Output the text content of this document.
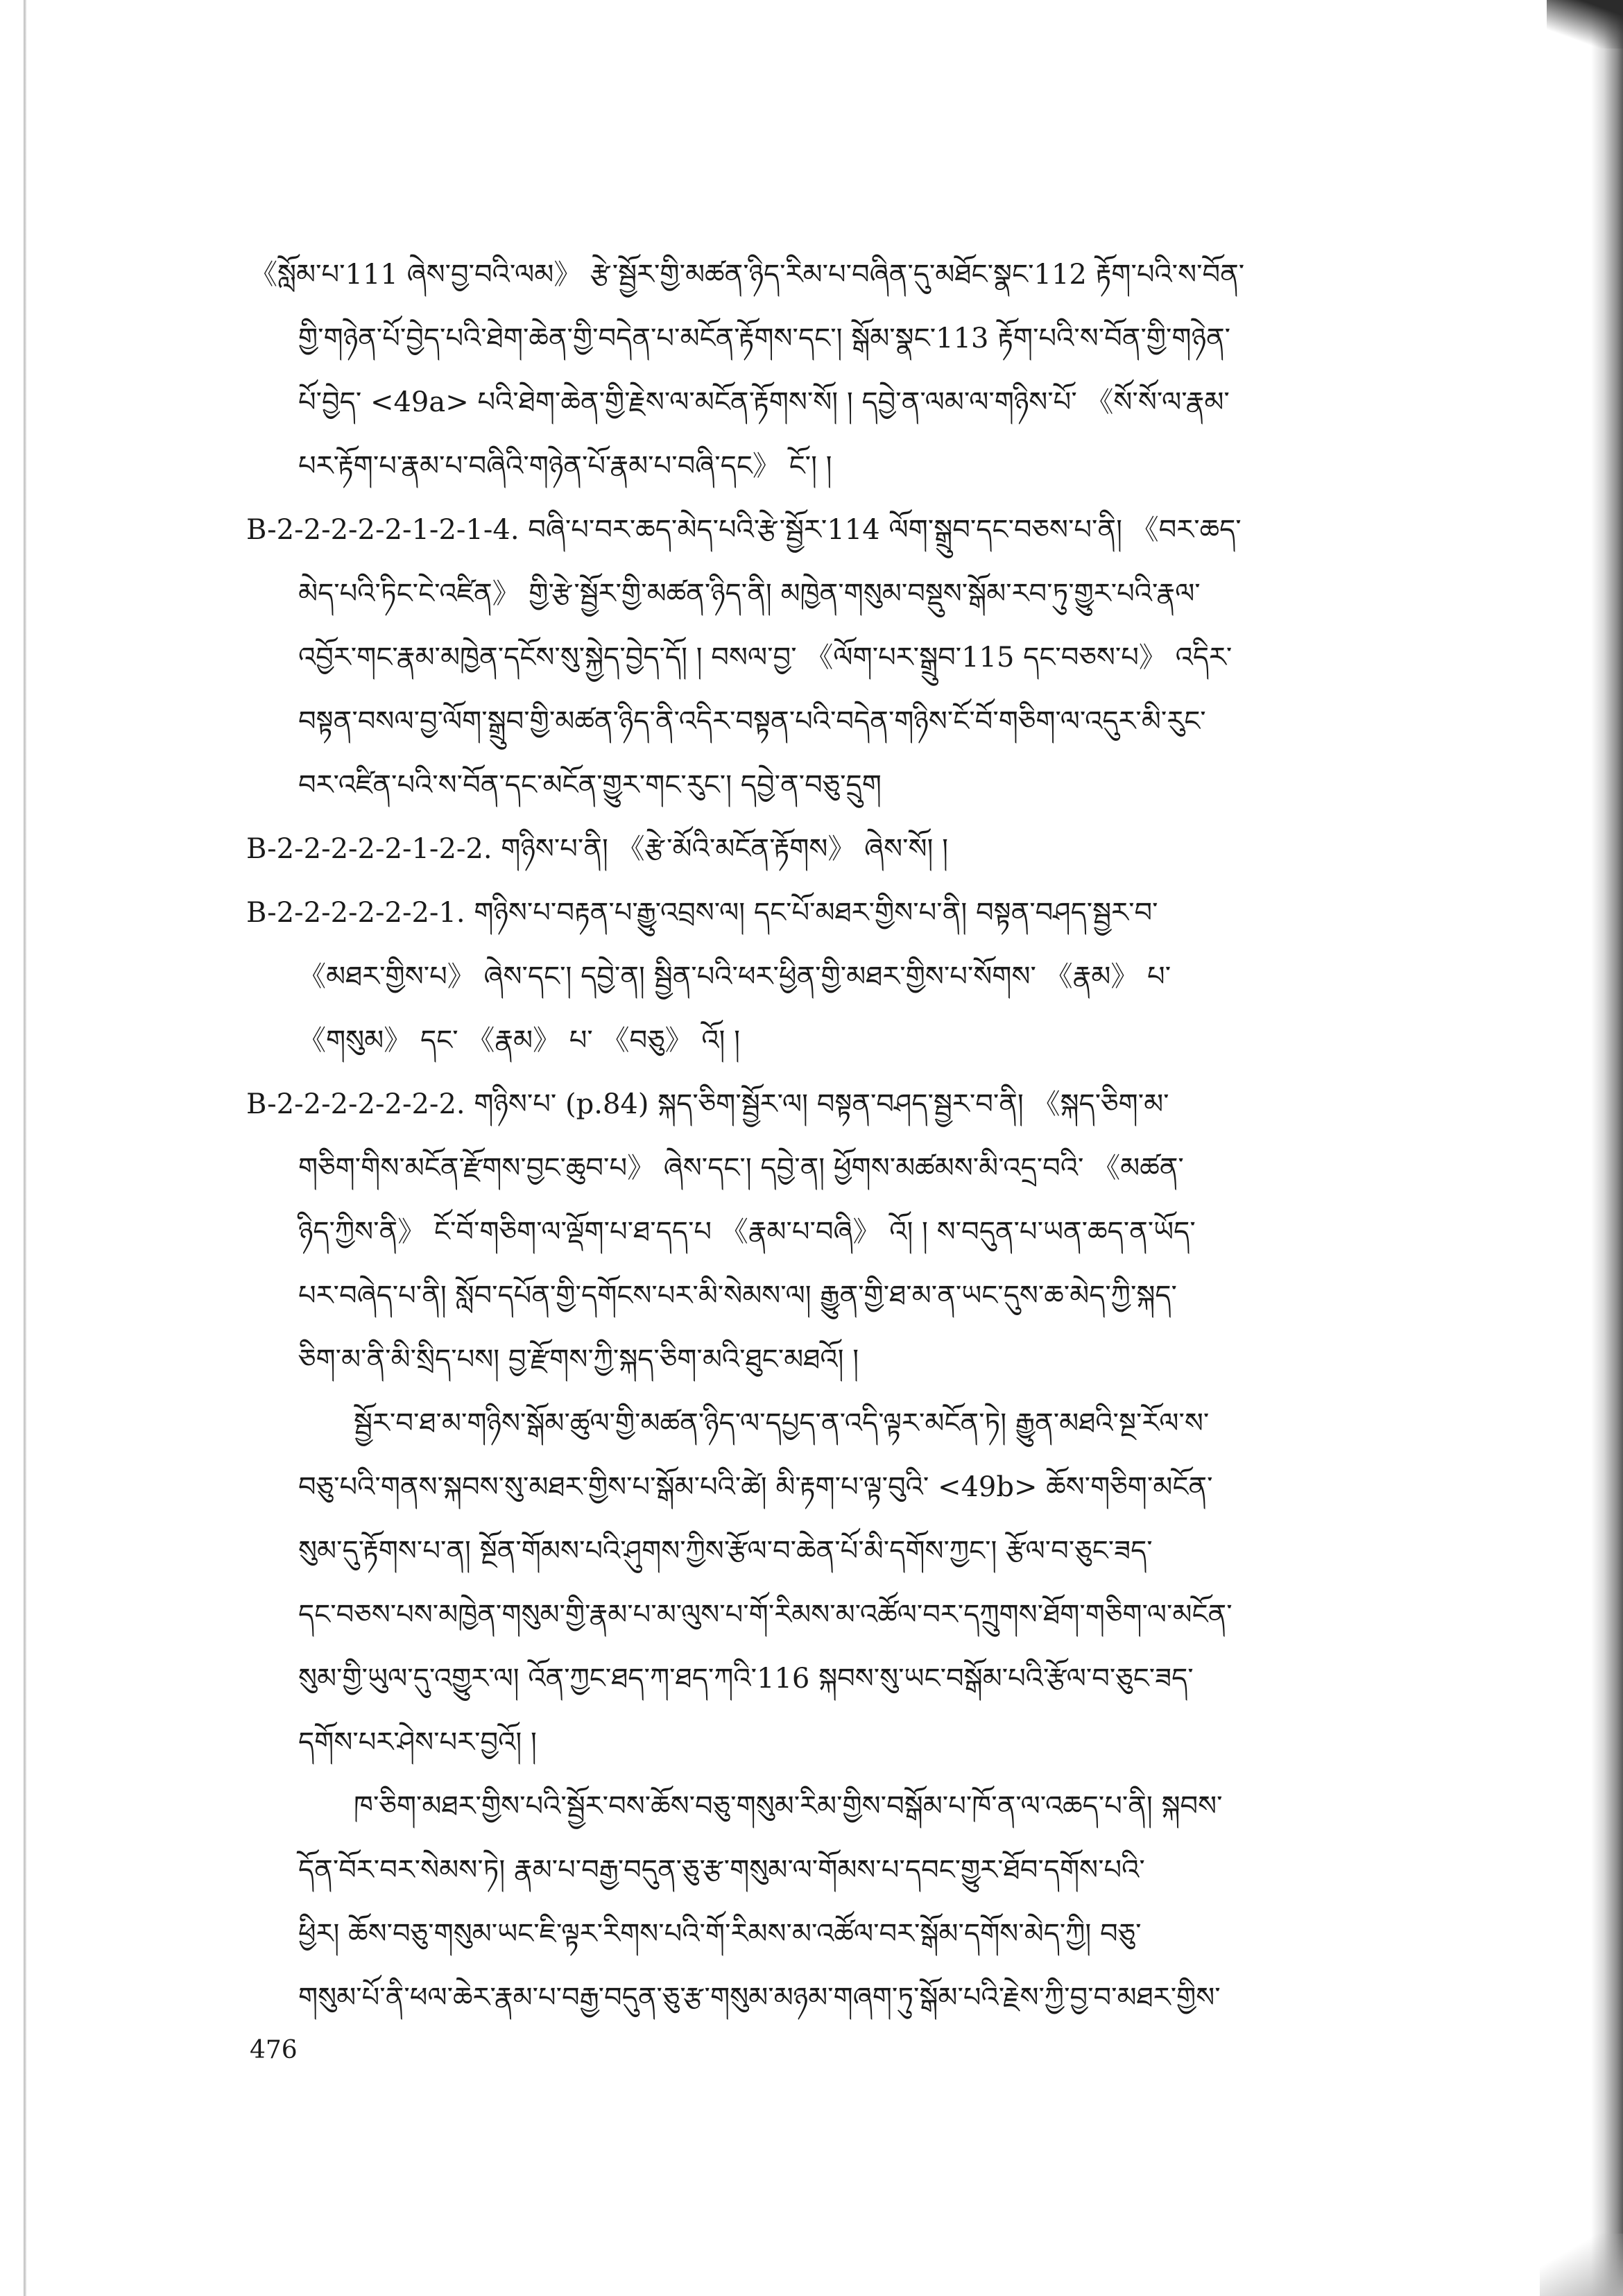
《སློམ་པ་111 ཞེས་བྱ་བའི་ལམ》 རྩེ་སྦྱོར་གྱི་མཚན་ཉིད་རིམ་པ་བཞིན་དུ་མཐོང་སྣང་112 རྟོག་པའི་ས་བོན་
གྱི་གཉེན་པོ་བྱེད་པའི་ཐེག་ཆེན་གྱི་བདེན་པ་མངོན་རྟོགས་དང་། སྒོམ་སྣང་113 རྟོག་པའི་ས་བོན་གྱི་གཉེན་
པོ་བྱེད་ <49a> པའི་ཐེག་ཆེན་གྱི་རྗེས་ལ་མངོན་རྟོགས་སོ། ། དབྱེ་ན་ལམ་ལ་གཉིས་པོ་ 《སོ་སོ་ལ་རྣམ་
པར་རྟོག་པ་རྣམ་པ་བཞིའི་གཉེན་པོ་རྣམ་པ་བཞི་དང》 ངོ་། །
B-2-2-2-2-2-1-2-1-4. བཞི་པ་བར་ཆད་མེད་པའི་རྩེ་སྦྱོར་114 ལོག་སྒྲུབ་དང་བཅས་པ་ནི། 《བར་ཆད་
མེད་པའི་ཏིང་ངེ་འཛིན》 གྱི་རྩེ་སྦྱོར་གྱི་མཚན་ཉིད་ནི། མཁྱེན་གསུམ་བསྡུས་སྒོམ་རབ་ཏུ་གྱུར་པའི་རྣལ་
འབྱོར་གང་རྣམ་མཁྱེན་དངོས་སུ་སྐྱེད་བྱེད་དོ། ། བསལ་བྱ་ 《ལོག་པར་སྒྲུབ་115 དང་བཅས་པ》 འདིར་
བསྟན་བསལ་བྱ་ལོག་སྒྲུབ་གྱི་མཚན་ཉིད་ནི་འདིར་བསྟན་པའི་བདེན་གཉིས་ངོ་བོ་གཅིག་ལ་འདུར་མི་རུང་
བར་འཛིན་པའི་ས་བོན་དང་མངོན་གྱུར་གང་རུང་། དབྱེ་ན་བཅུ་དྲུག
B-2-2-2-2-2-1-2-2. གཉིས་པ་ནི། 《རྩེ་མོའི་མངོན་རྟོགས》 ཞེས་སོ། །
B-2-2-2-2-2-2-1. གཉིས་པ་བརྟན་པ་རྒྱུ་འབྲས་ལ། དང་པོ་མཐར་གྱིས་པ་ནི། བསྟན་བཤད་སྦྱར་བ་
《མཐར་གྱིས་པ》 ཞེས་དང་། དབྱེ་ན། སྦྱིན་པའི་ཕར་ཕྱིན་གྱི་མཐར་གྱིས་པ་སོགས་ 《རྣམ》 པ་
《གསུམ》 དང་ 《རྣམ》 པ་ 《བཅུ》 འོ། །
B-2-2-2-2-2-2-2. གཉིས་པ་ (p.84) སྐད་ཅིག་སྦྱོར་ལ། བསྟན་བཤད་སྦྱར་བ་ནི། 《སྐད་ཅིག་མ་
གཅིག་གིས་མངོན་རྫོགས་བྱང་ཆུབ་པ》 ཞེས་དང་། དབྱེ་ན། ཕྱོགས་མཚམས་མི་འདྲ་བའི་ 《མཚན་
ཉིད་ཀྱིས་ནི》 ངོ་བོ་གཅིག་ལ་ལྡོག་པ་ཐ་དད་པ 《རྣམ་པ་བཞི》 འོ། ། ས་བདུན་པ་ཡན་ཆད་ན་ཡོད་
པར་བཞེད་པ་ནི། སློབ་དཔོན་གྱི་དགོངས་པར་མི་སེམས་ལ། རྒྱུན་གྱི་ཐ་མ་ན་ཡང་དུས་ཆ་མེད་ཀྱི་སྐད་
ཅིག་མ་ནི་མི་སྲིད་པས། བྱ་རྫོགས་ཀྱི་སྐད་ཅིག་མའི་ཐུང་མཐའོ། །
སྦྱོར་བ་ཐ་མ་གཉིས་སྒོམ་ཚུལ་གྱི་མཚན་ཉིད་ལ་དཔྱད་ན་འདི་ལྟར་མངོན་ཏེ། རྒྱུན་མཐའི་སྔ་རོལ་ས་
བཅུ་པའི་གནས་སྐབས་སུ་མཐར་གྱིས་པ་སྒོམ་པའི་ཚེ། མི་རྟག་པ་ལྟ་བུའི་ <49b> ཆོས་གཅིག་མངོན་
སུམ་དུ་རྟོགས་པ་ན། སྔོན་གོམས་པའི་ཤུགས་ཀྱིས་རྩོལ་བ་ཆེན་པོ་མི་དགོས་ཀྱང་། རྩོལ་བ་ཅུང་ཟད་
དང་བཅས་པས་མཁྱེན་གསུམ་གྱི་རྣམ་པ་མ་ལུས་པ་གོ་རིམས་མ་འཚོལ་བར་དཀྲུགས་ཐོག་གཅིག་ལ་མངོན་
སུམ་གྱི་ཡུལ་དུ་འགྱུར་ལ། འོན་ཀྱང་ཐད་ཀ་ཐད་ཀའི་116 སྐབས་སུ་ཡང་བསྒོམ་པའི་རྩོལ་བ་ཅུང་ཟད་
དགོས་པར་ཤེས་པར་བྱའོ། །
ཁ་ཅིག་མཐར་གྱིས་པའི་སྦྱོར་བས་ཆོས་བཅུ་གསུམ་རིམ་གྱིས་བསྒོམ་པ་ཁོ་ན་ལ་འཆད་པ་ནི། སྐབས་
དོན་བོར་བར་སེམས་ཏེ། རྣམ་པ་བརྒྱ་བདུན་ཅུ་རྩ་གསུམ་ལ་གོམས་པ་དབང་གྱུར་ཐོབ་དགོས་པའི་
ཕྱིར། ཆོས་བཅུ་གསུམ་ཡང་ཇི་ལྟར་རིགས་པའི་གོ་རིམས་མ་འཚོལ་བར་སྒོམ་དགོས་མེད་ཀྱི། བཅུ་
གསུམ་པོ་ནི་ཕལ་ཆེར་རྣམ་པ་བརྒྱ་བདུན་ཅུ་རྩ་གསུམ་མཉམ་གཞག་ཏུ་སྒོམ་པའི་རྗེས་ཀྱི་བྱ་བ་མཐར་གྱིས་
476
